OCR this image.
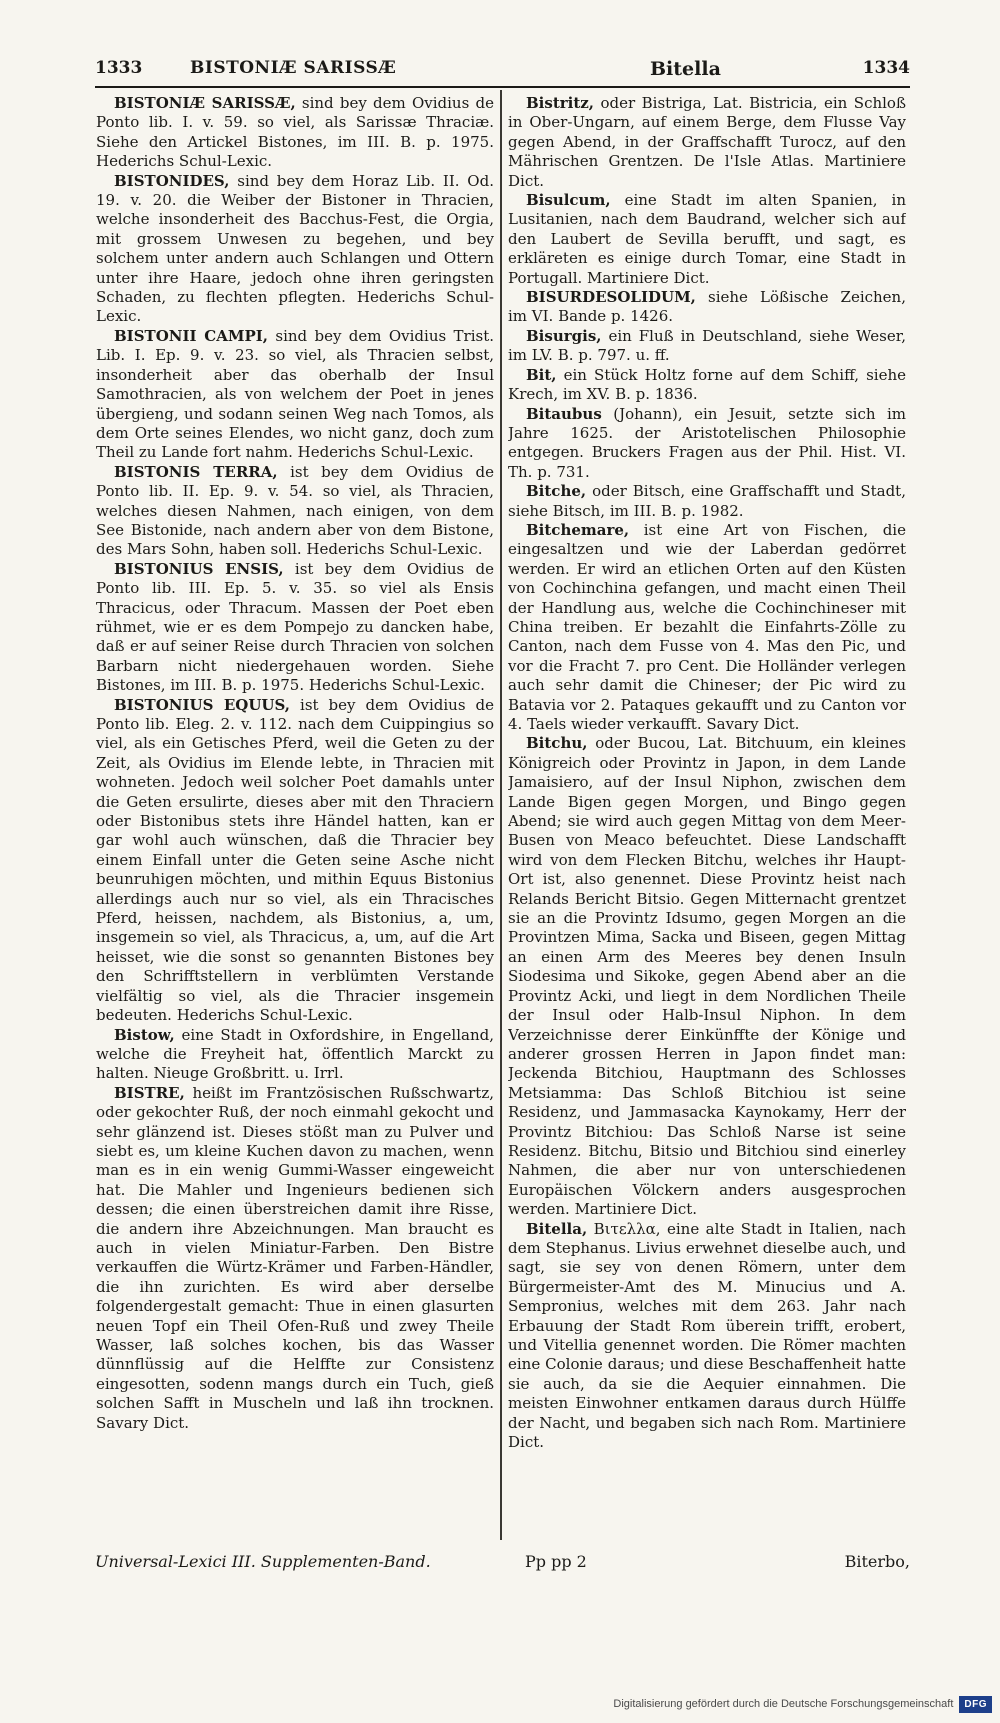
1333	BISTONIÆ SARISSÆ	Bitella	1334

BISTONIÆ SARISSÆ, sind bey dem Ovidius de Ponto lib. I. v. 59. so viel, als Sarissæ Thraciæ. Siehe den Artickel Bistones, im III. B. p. 1975. Hederichs Schul-Lexic.

BISTONIDES, sind bey dem Horaz Lib. II. Od. 19. v. 20. die Weiber der Bistoner in Thracien, welche insonderheit des Bacchus-Fest, die Orgia, mit grossem Unwesen zu begehen, und bey solchem unter andern auch Schlangen und Ottern unter ihre Haare, jedoch ohne ihren geringsten Schaden, zu flechten pflegten. Hederichs Schul-Lexic.

BISTONII CAMPI, sind bey dem Ovidius Trist. Lib. I. Ep. 9. v. 23. so viel, als Thracien selbst, insonderheit aber das oberhalb der Insul Samothracien, als von welchem der Poet in jenes übergieng, und sodann seinen Weg nach Tomos, als dem Orte seines Elendes, wo nicht ganz, doch zum Theil zu Lande fort nahm. Hederichs Schul-Lexic.

BISTONIS TERRA, ist bey dem Ovidius de Ponto lib. II. Ep. 9. v. 54. so viel, als Thracien, welches diesen Nahmen, nach einigen, von dem See Bistonide, nach andern aber von dem Bistone, des Mars Sohn, haben soll. Hederichs Schul-Lexic.

BISTONIUS ENSIS, ist bey dem Ovidius de Ponto lib. III. Ep. 5. v. 35. so viel als Ensis Thracicus, oder Thracum. Massen der Poet eben rühmet, wie er es dem Pompejo zu dancken habe, daß er auf seiner Reise durch Thracien von solchen Barbarn nicht niedergehauen worden. Siehe Bistones, im III. B. p. 1975. Hederichs Schul-Lexic.

BISTONIUS EQUUS, ist bey dem Ovidius de Ponto lib. Eleg. 2. v. 112. nach dem Cuippingius so viel, als ein Getisches Pferd, weil die Geten zu der Zeit, als Ovidius im Elende lebte, in Thracien mit wohneten. Jedoch weil solcher Poet damahls unter die Geten ersulirte, dieses aber mit den Thraciern oder Bistonibus stets ihre Händel hatten, kan er gar wohl auch wünschen, daß die Thracier bey einem Einfall unter die Geten seine Asche nicht beunruhigen möchten, und mithin Equus Bistonius allerdings auch nur so viel, als ein Thracisches Pferd, heissen, nachdem, als Bistonius, a, um, insgemein so viel, als Thracicus, a, um, auf die Art heisset, wie die sonst so genannten Bistones bey den Schrifftstellern in verblümten Verstande vielfältig so viel, als die Thracier insgemein bedeuten. Hederichs Schul-Lexic.

Bistow, eine Stadt in Oxfordshire, in Engelland, welche die Freyheit hat, öffentlich Marckt zu halten. Nieuge Großbritt. u. Irrl.

BISTRE, heißt im Frantzösischen Rußschwartz, oder gekochter Ruß, der noch einmahl gekocht und sehr glänzend ist. Dieses stößt man zu Pulver und siebt es, um kleine Kuchen davon zu machen, wenn man es in ein wenig Gummi-Wasser eingeweicht hat. Die Mahler und Ingenieurs bedienen sich dessen; die einen überstreichen damit ihre Risse, die andern ihre Abzeichnungen. Man braucht es auch in vielen Miniatur-Farben. Den Bistre verkauffen die Würtz-Krämer und Farben-Händler, die ihn zurichten. Es wird aber derselbe folgendergestalt gemacht: Thue in einen glasurten neuen Topf ein Theil Ofen-Ruß und zwey Theile Wasser, laß solches kochen, bis das Wasser dünnflüssig auf die Helffte zur Consistenz eingesotten, sodenn mangs durch ein Tuch, gieß solchen Safft in Muscheln und laß ihn trocknen. Savary Dict.

Bistritz, oder Bistriga, Lat. Bistricia, ein Schloß in Ober-Ungarn, auf einem Berge, dem Flusse Vay gegen Abend, in der Graffschafft Turocz, auf den Mährischen Grentzen. De l'Isle Atlas. Martiniere Dict.

Bisulcum, eine Stadt im alten Spanien, in Lusitanien, nach dem Baudrand, welcher sich auf den Laubert de Sevilla berufft, und sagt, es erkläreten es einige durch Tomar, eine Stadt in Portugall. Martiniere Dict.

BISURDESOLIDUM, siehe Lößische Zeichen, im VI. Bande p. 1426.

Bisurgis, ein Fluß in Deutschland, siehe Weser, im LV. B. p. 797. u. ff.

Bit, ein Stück Holtz forne auf dem Schiff, siehe Krech, im XV. B. p. 1836.

Bitaubus (Johann), ein Jesuit, setzte sich im Jahre 1625. der Aristotelischen Philosophie entgegen. Bruckers Fragen aus der Phil. Hist. VI. Th. p. 731.

Bitche, oder Bitsch, eine Graffschafft und Stadt, siehe Bitsch, im III. B. p. 1982.

Bitchemare, ist eine Art von Fischen, die eingesaltzen und wie der Laberdan gedörret werden. Er wird an etlichen Orten auf den Küsten von Cochinchina gefangen, und macht einen Theil der Handlung aus, welche die Cochinchineser mit China treiben. Er bezahlt die Einfahrts-Zölle zu Canton, nach dem Fusse von 4. Mas den Pic, und vor die Fracht 7. pro Cent. Die Holländer verlegen auch sehr damit die Chineser; der Pic wird zu Batavia vor 2. Pataques gekaufft und zu Canton vor 4. Taels wieder verkaufft. Savary Dict.

Bitchu, oder Bucou, Lat. Bitchuum, ein kleines Königreich oder Provintz in Japon, in dem Lande Jamaisiero, auf der Insul Niphon, zwischen dem Lande Bigen gegen Morgen, und Bingo gegen Abend; sie wird auch gegen Mittag von dem Meer-Busen von Meaco befeuchtet. Diese Landschafft wird von dem Flecken Bitchu, welches ihr Haupt-Ort ist, also genennet. Diese Provintz heist nach Relands Bericht Bitsio. Gegen Mitternacht grentzet sie an die Provintz Idsumo, gegen Morgen an die Provintzen Mima, Sacka und Biseen, gegen Mittag an einen Arm des Meeres bey denen Insuln Siodesima und Sikoke, gegen Abend aber an die Provintz Acki, und liegt in dem Nordlichen Theile der Insul oder Halb-Insul Niphon. In dem Verzeichnisse derer Einkünffte der Könige und anderer grossen Herren in Japon findet man: Jeckenda Bitchiou, Hauptmann des Schlosses Metsiamma: Das Schloß Bitchiou ist seine Residenz, und Jammasacka Kaynokamy, Herr der Provintz Bitchiou: Das Schloß Narse ist seine Residenz. Bitchu, Bitsio und Bitchiou sind einerley Nahmen, die aber nur von unterschiedenen Europäischen Völckern anders ausgesprochen werden. Martiniere Dict.

Bitella, Βιτελλα, eine alte Stadt in Italien, nach dem Stephanus. Livius erwehnet dieselbe auch, und sagt, sie sey von denen Römern, unter dem Bürgermeister-Amt des M. Minucius und A. Sempronius, welches mit dem 263. Jahr nach Erbauung der Stadt Rom überein trifft, erobert, und Vitellia genennet worden. Die Römer machten eine Colonie daraus; und diese Beschaffenheit hatte sie auch, da sie die Aequier einnahmen. Die meisten Einwohner entkamen daraus durch Hülffe der Nacht, und begaben sich nach Rom. Martiniere Dict.

Universal-Lexici III. Supplementen-Band.	Pp pp 2	Biterbo,
Digitalisierung gefördert durch die Deutsche Forschungsgemeinschaft	DFG
